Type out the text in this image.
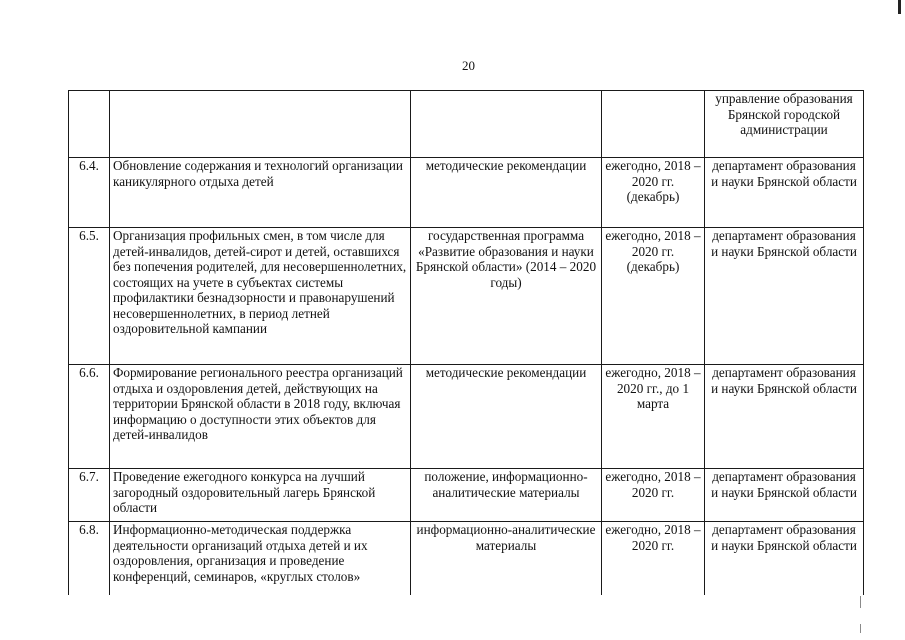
20
				управление образования Брянской городской администрации
6.4.	Обновление содержания и технологий организации каникулярного отдыха детей	методические рекомендации	ежегодно, 2018 – 2020 гг. (декабрь)	департамент образования и науки Брянской области
6.5.	Организация профильных смен, в том числе для детей-инвалидов, детей-сирот и детей, оставшихся без попечения родителей, для несовершеннолетних, состоящих на учете в субъектах системы профилактики безнадзорности и правонарушений несовершеннолетних, в период летней оздоровительной кампании	государственная программа «Развитие образования и науки Брянской области» (2014 – 2020 годы)	ежегодно, 2018 – 2020 гг. (декабрь)	департамент образования и науки Брянской области
6.6.	Формирование регионального реестра организаций отдыха и оздоровления детей, действующих на территории Брянской области в 2018 году, включая информацию о доступности этих объектов для детей-инвалидов	методические рекомендации	ежегодно, 2018 – 2020 гг., до 1 марта	департамент образования и науки Брянской области
6.7.	Проведение ежегодного конкурса на лучший загородный оздоровительный лагерь Брянской области	положение, информационно-аналитические материалы	ежегодно, 2018 – 2020 гг.	департамент образования и науки Брянской области
6.8.	Информационно-методическая поддержка деятельности организаций отдыха детей и их оздоровления, организация и проведение конференций, семинаров, «круглых столов»	информационно-аналитические материалы	ежегодно, 2018 – 2020 гг.	департамент образования и науки Брянской области
